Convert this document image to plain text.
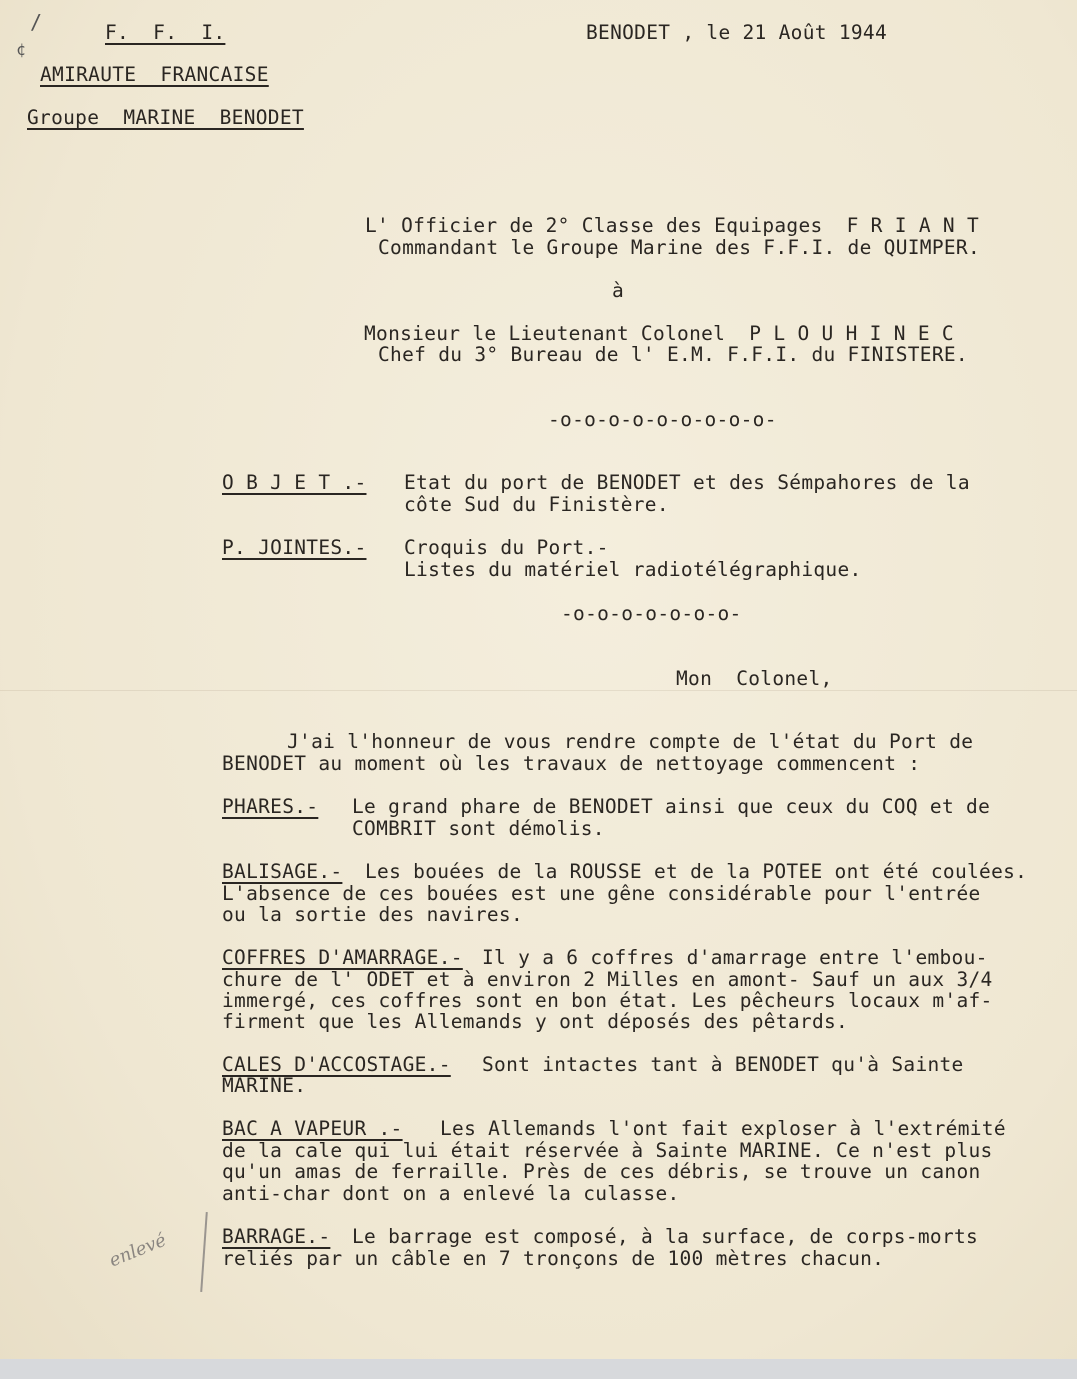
/
¢
F.  F.  I.
AMIRAUTE  FRANCAISE
Groupe  MARINE  BENODET
BENODET , le 21 Août 1944
L' Officier de 2° Classe des Equipages  F R I A N T
Commandant le Groupe Marine des F.F.I. de QUIMPER.
à
Monsieur le Lieutenant Colonel  P L O U H I N E C
Chef du 3° Bureau de l' E.M. F.F.I. du FINISTERE.
-o-o-o-o-o-o-o-o-o-
O B J E T .- Etat du port de BENODET et des Sémpahores de la
côte Sud du Finistère.
P. JOINTES.- Croquis du Port.-
Listes du matériel radiotélégraphique.
-o-o-o-o-o-o-o-
Mon  Colonel,
J'ai l'honneur de vous rendre compte de l'état du Port de
BENODET au moment où les travaux de nettoyage commencent :
PHARES.- Le grand phare de BENODET ainsi que ceux du COQ et de
COMBRIT sont démolis.
BALISAGE.- Les bouées de la ROUSSE et de la POTEE ont été coulées.
L'absence de ces bouées est une gêne considérable pour l'entrée
ou la sortie des navires.
COFFRES D'AMARRAGE.- Il y a 6 coffres d'amarrage entre l'embou-
chure de l' ODET et à environ 2 Milles en amont- Sauf un aux 3/4
immergé, ces coffres sont en bon état. Les pêcheurs locaux m'af-
firment que les Allemands y ont déposés des pêtards.
CALES D'ACCOSTAGE.- Sont intactes tant à BENODET qu'à Sainte
MARINE.
BAC A VAPEUR .- Les Allemands l'ont fait exploser à l'extrémité
de la cale qui lui était réservée à Sainte MARINE. Ce n'est plus
qu'un amas de ferraille. Près de ces débris, se trouve un canon
anti-char dont on a enlevé la culasse.
BARRAGE.- Le barrage est composé, à la surface, de corps-morts
reliés par un câble en 7 tronçons de 100 mètres chacun.
enlevé
